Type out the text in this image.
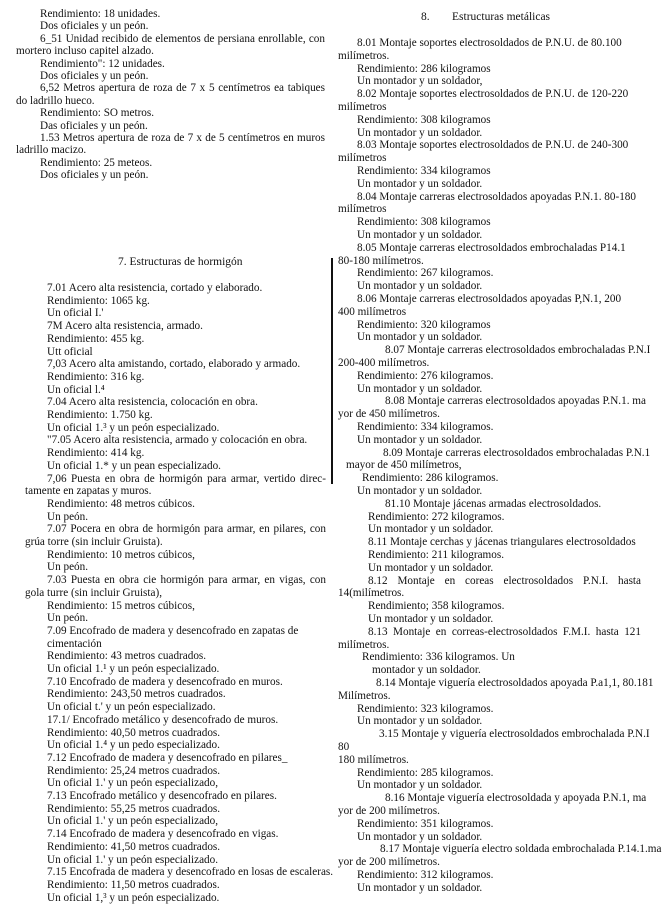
Rendimiento: 18 unidades.
Dos oficiales y un peón.
6_51 Unidad recibido de elementos de persiana enrollable, con
mortero incluso capitel alzado.
Rendimiento": 12 unidades.
Dos oficiales y un peón.
6,52 Metros apertura de roza de 7 x 5 centímetros ea tabiques
do ladrillo hueco.
Rendimiento: SO metros.
Das oficiales y un peón.
1.53 Metros apertura de roza de 7 x de 5 centímetros en muros
ladrillo macizo.
Rendimiento: 25 meteos.
Dos oficiales y un peón.
7. Estructuras de hormigón
7.01 Acero alta resistencia, cortado y elaborado.
Rendimiento: 1065 kg.
Un oficial I.'
7M Acero alta resistencia, armado.
Rendimiento: 455 kg.
Utt oficial
7,03 Acero alta amistando, cortado, elaborado y armado.
Rendimiento: 316 kg.
Un oficial l.⁴
7.04 Acero alta resistencia, colocación en obra.
Rendimiento: 1.750 kg.
Un oficial 1.³ y un peón especializado.
"7.05 Acero alta resistencia, armado y colocación en obra.
Rendimiento: 414 kg.
Un oficial 1.* y un pean especializado.
7,06 Puesta en obra de hormigón para armar, vertido direc-
tamente en zapatas y muros.
Rendimiento: 48 metros cúbicos.
Un peón.
7.07 Pocera en obra de hormigón para armar, en pilares, con
grúa torre (sin incluir Gruista).
Rendimiento: 10 metros cúbicos,
Un peón.
7.03 Puesta en obra cie hormigón para armar, en vigas, con
gola turre (sin incluir Gruista),
Rendimiento: 15 metros cúbicos,
Un peón.
7.09 Encofrado de madera y desencofrado en zapatas de
cimentación
Rendimiento: 43 metros cuadrados.
Un oficial 1.¹ y un peón especializado.
7.10 Encofrado de madera y desencofrado en muros.
Rendimiento: 243,50 metros cuadrados.
Un oficial t.' y un peón especializado.
17.1/ Encofrado metálico y desencofrado de muros.
Rendimiento: 40,50 metros cuadrados.
Un oficial 1.⁴ y un pedo especializado.
7.12 Encofrado de madera y desencofrado en pilares_
Rendimiento: 25,24 metros cuadrados.
Un oficial 1.' y un peón especializado,
7.13 Encofrado metálico y desencofrado en pilares.
Rendimiento: 55,25 metros cuadrados.
Un oficial 1.' y un peón especializado,
7.14 Encofrado de madera y desencofrado en vigas.
Rendimiento: 41,50 metros cuadrados.
Un oficial 1.' y un peón especializado.
7.15 Encofrada de madera y desencofrado en losas de escaleras.
Rendimiento: 11,50 metros cuadrados.
Un oficial 1,³ y un peón especializado.
8. Estructuras metálicas
8.01 Montaje soportes electrosoldados de P.N.U. de 80.100
milímetros.
Rendimiento: 286 kilogramos
Un montador y un soldador,
8.02 Montaje soportes electrosoldados de P.N.U. de 120-220
milímetros
Rendimiento: 308 kilogramos
Un montador y un soldador.
8.03 Montaje soportes electrosoldados de P.N.U. de 240-300
milímetros
Rendimiento: 334 kilogramos
Un montador y un soldador.
8.04 Montaje carreras electrosoldados apoyadas P.N.1. 80-180
milímetros
Rendimiento: 308 kilogramos
Un montador y un soldador.
8.05 Montaje carreras electrosoldados embrochaladas P14.1
80-180 milímetros.
Rendimiento: 267 kilogramos.
Un montador y un soldador.
8.06 Montaje carreras electrosoldados apoyadas P,N.1, 200
400 milímetros
Rendimiento: 320 kilogramos
Un montador y un soldador.
8.07 Montaje carreras electrosoldados embrochaladas P.N.I
200-400 milímetros.
Rendimiento: 276 kilogramos.
Un montador y un soldador.
8.08 Montaje carreras electrosoldados apoyadas P.N.1. ma
yor de 450 milímetros.
Rendimiento: 334 kilogramos.
Un montador y un soldador.
8.09 Montaje carreras electrosoldados embrochaladas P.N.1
mayor de 450 milímetros,
Rendimiento: 286 kilogramos.
Un montador y un soldador.
81.10 Montaje jácenas armadas electrosoldados.
Rendimiento: 272 kilogramos.
Un montador y un soldador.
8.11 Montaje cerchas y jácenas triangulares electrosoldados
Rendimiento: 211 kilogramos.
Un montador y un soldador.
8.12 Montaje en coreas electrosoldados P.N.I. hasta
14(milímetros.
Rendimiento; 358 kilogramos.
Un montador y un soldador.
8.13 Montaje en correas-electrosoldados F.M.I. hasta 121
milímetros.
Rendimiento: 336 kilogramos. Un
montador y un soldador.
8.14 Montaje viguería electrosoldados apoyada P.a1,1, 80.181
Milímetros.
Rendimiento: 323 kilogramos.
Un montador y un soldador.
3.15 Montaje y viguería electrosoldados embrochalada P.N.I
80
180 milímetros.
Rendimiento: 285 kilogramos.
Un montador y un soldador.
8.16 Montaje viguería electrosoldada y apoyada P.N.1, ma
yor de 200 milímetros.
Rendimiento: 351 kilogramos.
Un montador y un soldador.
8.17 Montaje viguería electro soldada embrochalada P.14.1.ma
yor de 200 milímetros.
Rendimiento: 312 kilogramos.
Un montador y un soldador.
